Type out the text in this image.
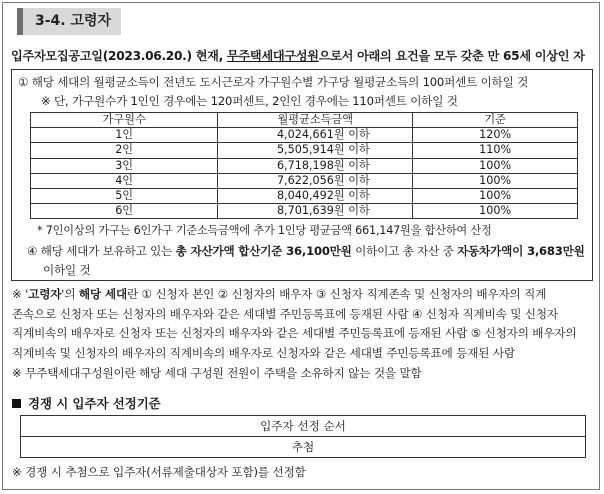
3-4. 고령자
입주자모집공고일(2023.06.20.) 현재, 무주택세대구성원으로서 아래의 요건을 모두 갖춘 만 65세 이상인 자
① 해당 세대의 월평균소득이 전년도 도시근로자 가구원수별 가구당 월평균소득의 100퍼센트 이하일 것
※ 단, 가구원수가 1인인 경우에는 120퍼센트, 2인인 경우에는 110퍼센트 이하일 것
가구원수	월평균소득금액	기준
1인	4,024,661원 이하	120%
2인	5,505,914원 이하	110%
3인	6,718,198원 이하	100%
4인	7,622,056원 이하	100%
5인	8,040,492원 이하	100%
6인	8,701,639원 이하	100%
* 7인이상의 가구는 6인가구 기준소득금액에 추가 1인당 평균금액 661,147원을 합산하여 산정
④ 해당 세대가 보유하고 있는 총 자산가액 합산기준 36,100만원 이하이고 총 자산 중 자동차가액이 3,683만원
이하일 것
※ '고령자'의 해당 세대란 ① 신청자 본인 ② 신청자의 배우자 ③ 신청자 직계존속 및 신청자의 배우자의 직계
존속으로 신청자 또는 신청자의 배우자와 같은 세대별 주민등록표에 등재된 사람 ④ 신청자 직계비속 및 신청자
직계비속의 배우자로 신청자 또는 신청자의 배우자와 같은 세대별 주민등록표에 등재된 사람 ⑤ 신청자의 배우자의
직계비속 및 신청자의 배우자의 직계비속의 배우자로 신청자와 같은 세대별 주민등록표에 등재된 사람
※ 무주택세대구성원이란 해당 세대 구성원 전원이 주택을 소유하지 않는 것을 말함
경쟁 시 입주자 선정기준
입주자 선정 순서
추첨
※ 경쟁 시 추첨으로 입주자(서류제출대상자 포함)를 선정함
